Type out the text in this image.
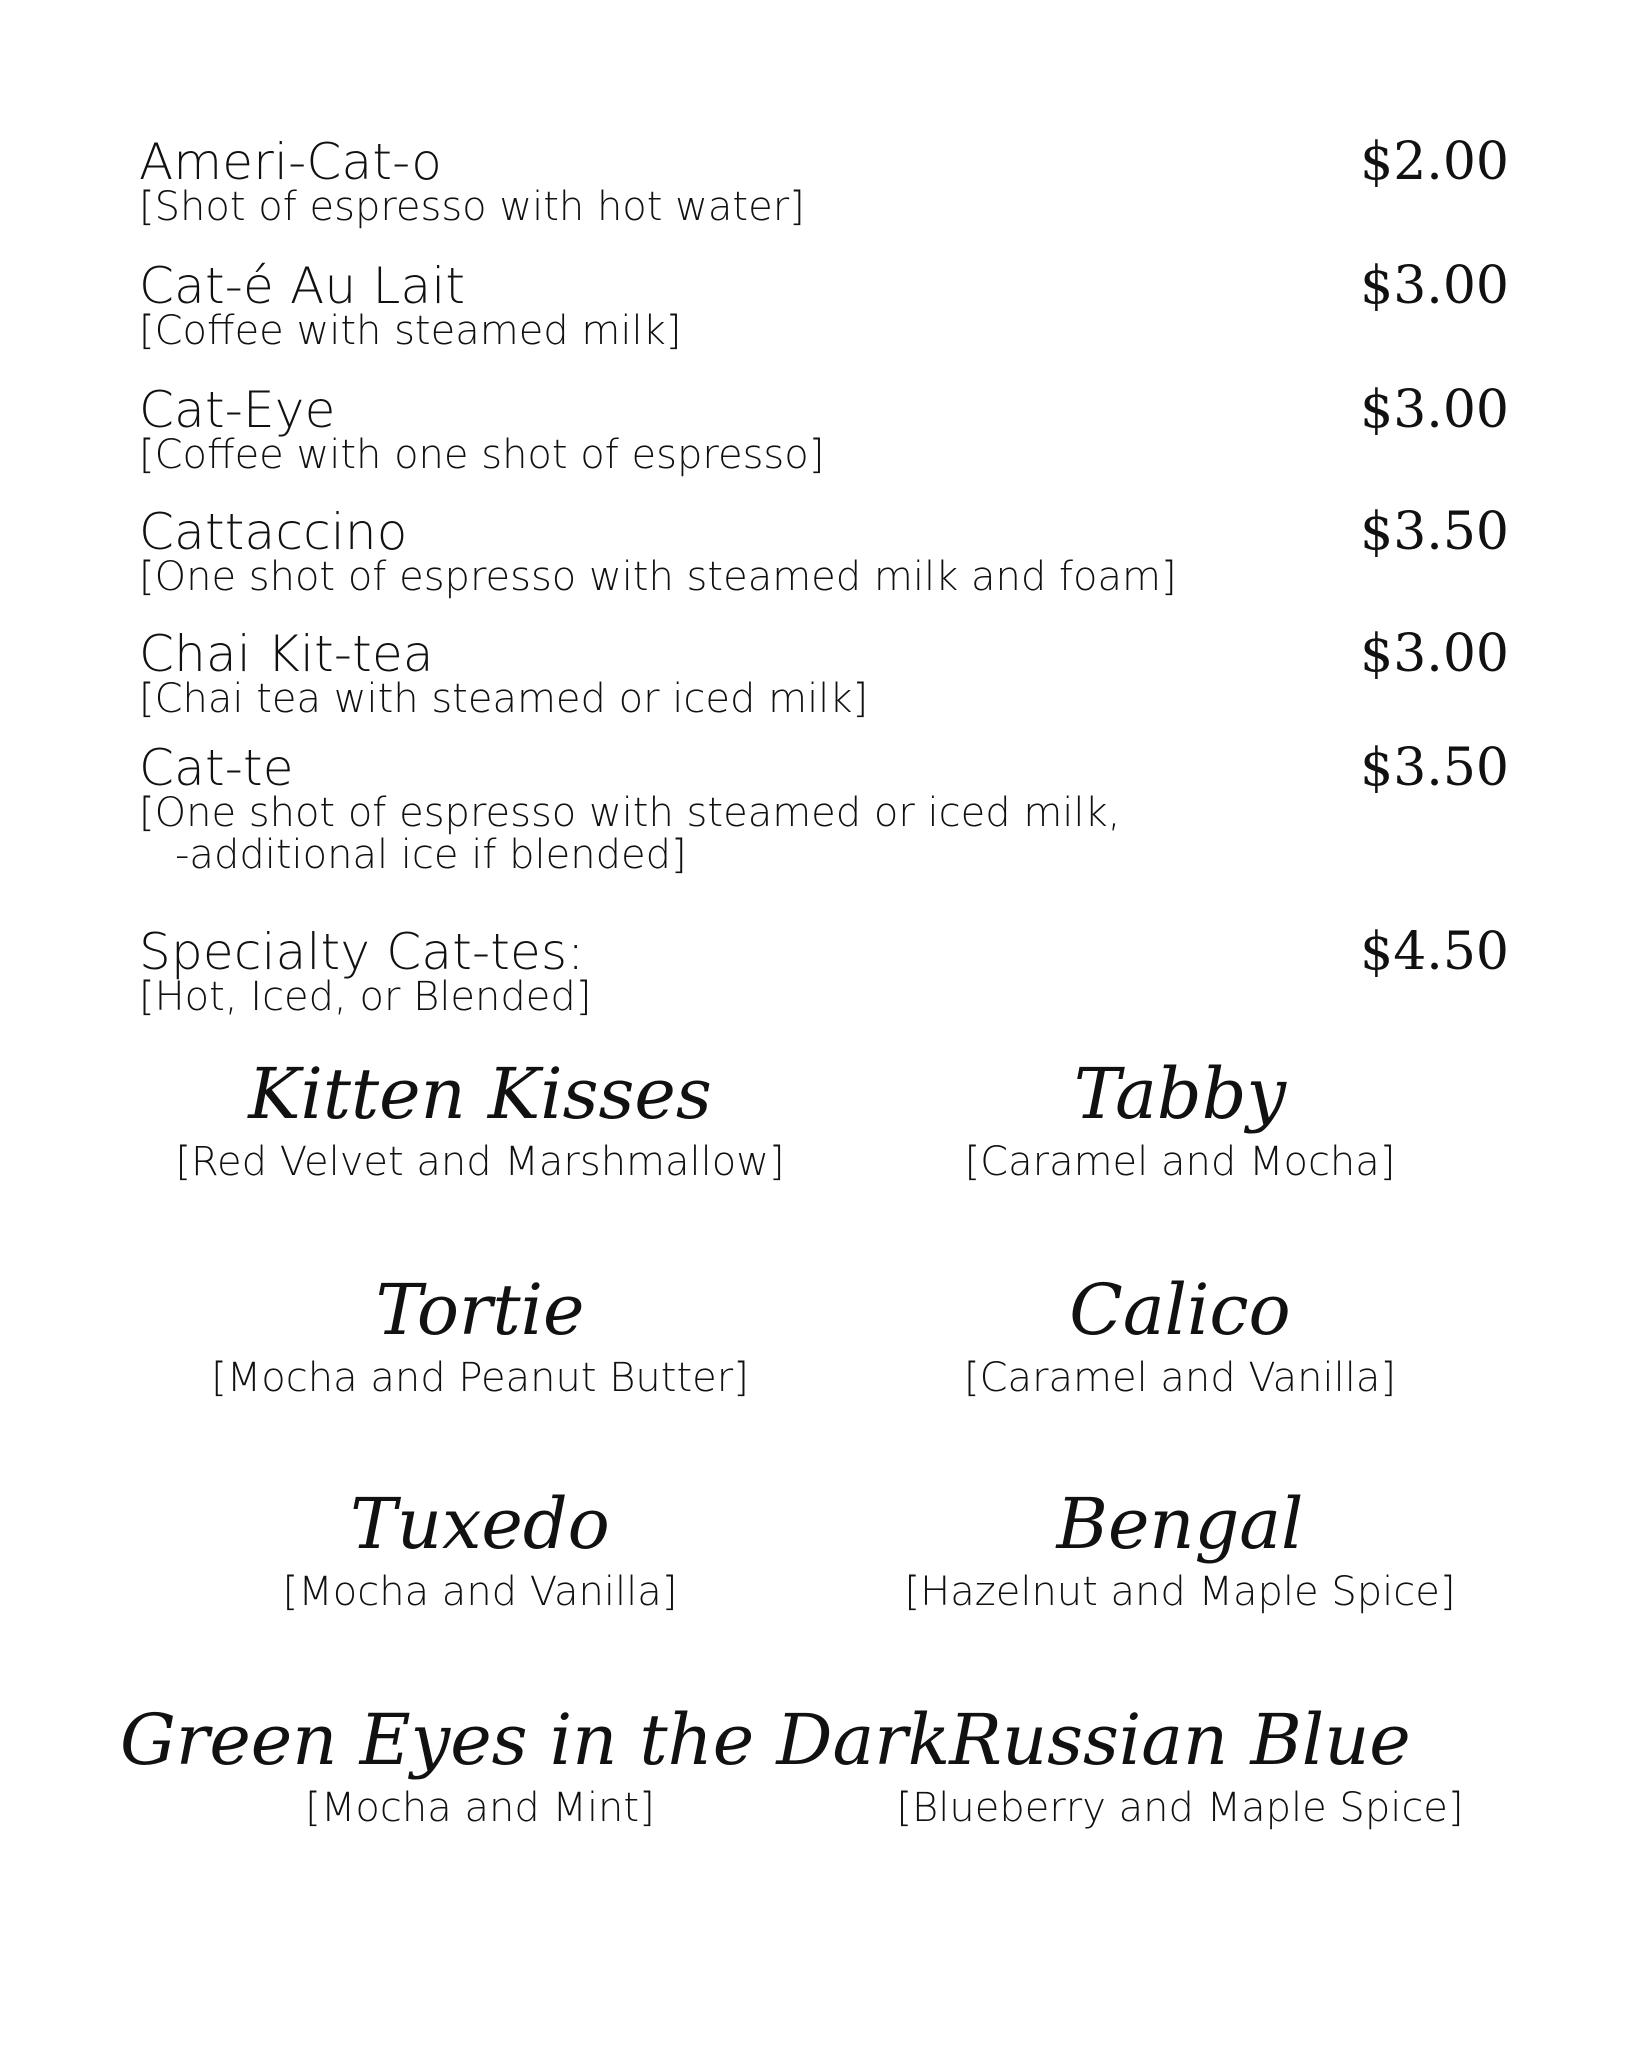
Ameri-Cat-o
[Shot of espresso with hot water]
$2.00
Cat-é Au Lait
[Coffee with steamed milk]
$3.00
Cat-Eye
[Coffee with one shot of espresso]
$3.00
Cattaccino
[One shot of espresso with steamed milk and foam]
$3.50
Chai Kit-tea
[Chai tea with steamed or iced milk]
$3.00
Cat-te
[One shot of espresso with steamed or iced milk,
-additional ice if blended]
$3.50
Specialty Cat-tes:
[Hot, Iced, or Blended]
$4.50
Kitten Kisses
[Red Velvet and Marshmallow]
Tabby
[Caramel and Mocha]
Tortie
[Mocha and Peanut Butter]
Calico
[Caramel and Vanilla]
Tuxedo
[Mocha and Vanilla]
Bengal
[Hazelnut and Maple Spice]
Green Eyes in the Dark
[Mocha and Mint]
Russian Blue
[Blueberry and Maple Spice]
